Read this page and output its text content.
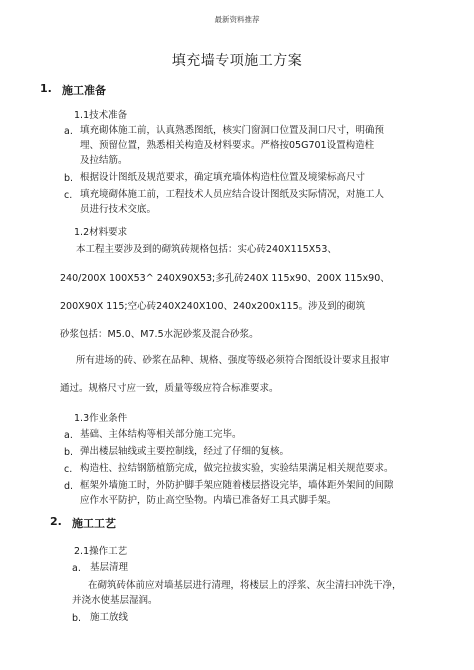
最新资料推荐
填充墙专项施工方案
1. 施工准备
1.1技术准备
a. 填充砌体施工前，认真熟悉图纸，核实门窗洞口位置及洞口尺寸，明确预
埋、预留位置，熟悉相关构造及材料要求。严格按05G701设置构造柱
及拉结筋。
b. 根据设计图纸及规范要求，确定填充墙体构造柱位置及境梁标高尺寸
c. 填充境砌体施工前，工程技术人员应结合设计图纸及实际情况，对施工人
员进行技术交底。
1.2材料要求
本工程主要涉及到的砌筑砖规格包括：实心砖240X115X53、
240/200X 100X53^ 240X90X53;多孔砖240X 115x90、200X 115x90、
200X90X 115;空心砖240X240X100、240x200x115。涉及到的砌筑
砂浆包括：M5.0、M7.5水泥砂浆及混合砂浆。
所有进场的砖、砂浆在品种、规格、强度等级必须符合图纸设计要求且报审
通过。规格尺寸应一致，质量等级应符合标准要求。
1.3作业条件
a. 基础、主体结构等相关部分施工完毕。
b. 弹出楼层轴线或主要控制线，经过了仔细的复核。
c. 构造柱、拉结钢筋植筋完成，做完拉拔实验，实验结果满足相关规范要求。
d. 框架外墙施工时，外防护脚手架应随着楼层搭设完毕，墙体距外架间的间隙
应作水平防护，防止高空坠物。内墙已准备好工具式脚手架。
2. 施工工艺
2.1操作工艺
a. 基层清理
在砌筑砖体前应对墙基层进行清理，将楼层上的浮浆、灰尘清扫冲洗干净，
并浇水使基层湿润。
b. 施工放线
